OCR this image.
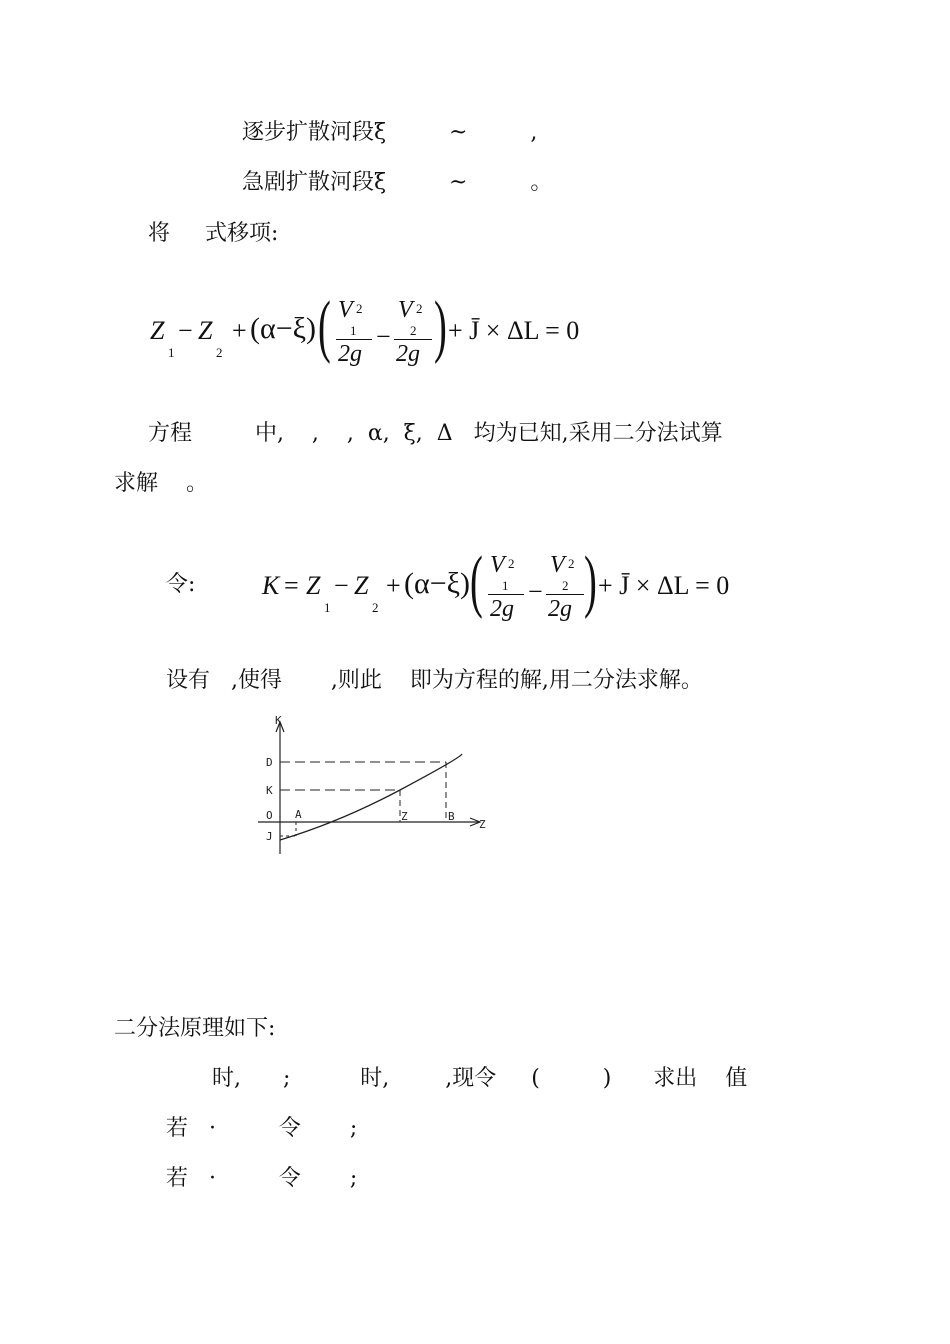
逐步扩散河段ξ         ~         ,
急剧扩散河段ξ         ~         。
将     式移项:
Z
1
− Z
2
+ (α−ξ) ( V 2
1
2g
−
V 2
2
2g ) + J̄ × ΔL = 0
方程         中,    ,    ,  α,  ξ,  Δ   均为已知,采用二分法试算
求解    。
令:	K = Z
1
− Z
2
+ (α−ξ) ( V 2
1
2g
−
V 2
2
2g ) + J̄ × ΔL = 0
设有   ,使得       ,则此    即为方程的解,用二分法求解。
K
Z
D
K
O
J
A	Z	B
二分法原理如下:
时,      ;          时,        ,现令     (         )      求出    值
若   ·         令       ;
若   ·         令       ;
